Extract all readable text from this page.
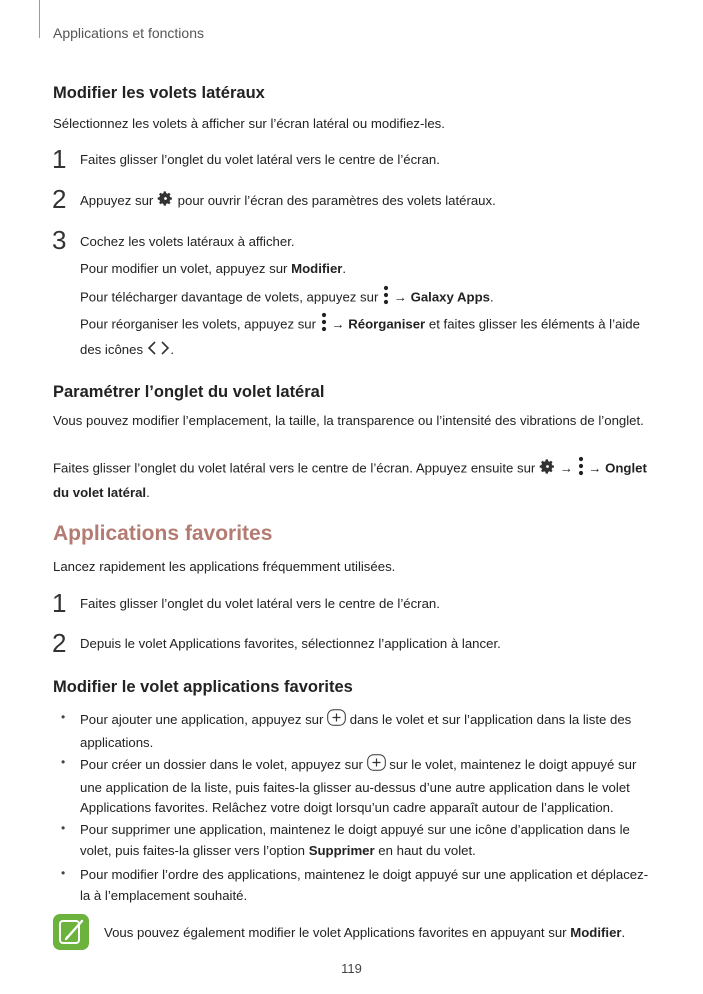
Applications et fonctions
Modifier les volets latéraux
Sélectionnez les volets à afficher sur l’écran latéral ou modifiez-les.
1 Faites glisser l’onglet du volet latéral vers le centre de l’écran.
2 Appuyez sur pour ouvrir l’écran des paramètres des volets latéraux.
3 Cochez les volets latéraux à afficher.
Pour modifier un volet, appuyez sur Modifier.
Pour télécharger davantage de volets, appuyez sur → Galaxy Apps.
Pour réorganiser les volets, appuyez sur → Réorganiser et faites glisser les éléments à l’aide
des icônes .
Paramétrer l’onglet du volet latéral
Vous pouvez modifier l’emplacement, la taille, la transparence ou l’intensité des vibrations de l’onglet.
Faites glisser l’onglet du volet latéral vers le centre de l’écran. Appuyez ensuite sur → → Onglet du volet latéral.
Applications favorites
Lancez rapidement les applications fréquemment utilisées.
1 Faites glisser l’onglet du volet latéral vers le centre de l’écran.
2 Depuis le volet Applications favorites, sélectionnez l’application à lancer.
Modifier le volet applications favorites
• Pour ajouter une application, appuyez sur dans le volet et sur l’application dans la liste des applications.
• Pour créer un dossier dans le volet, appuyez sur sur le volet, maintenez le doigt appuyé sur une application de la liste, puis faites-la glisser au-dessus d’une autre application dans le volet Applications favorites. Relâchez votre doigt lorsqu’un cadre apparaît autour de l’application.
• Pour supprimer une application, maintenez le doigt appuyé sur une icône d’application dans le volet, puis faites-la glisser vers l’option Supprimer en haut du volet.
• Pour modifier l’ordre des applications, maintenez le doigt appuyé sur une application et déplacez-la à l’emplacement souhaité.
Vous pouvez également modifier le volet Applications favorites en appuyant sur Modifier.
119
